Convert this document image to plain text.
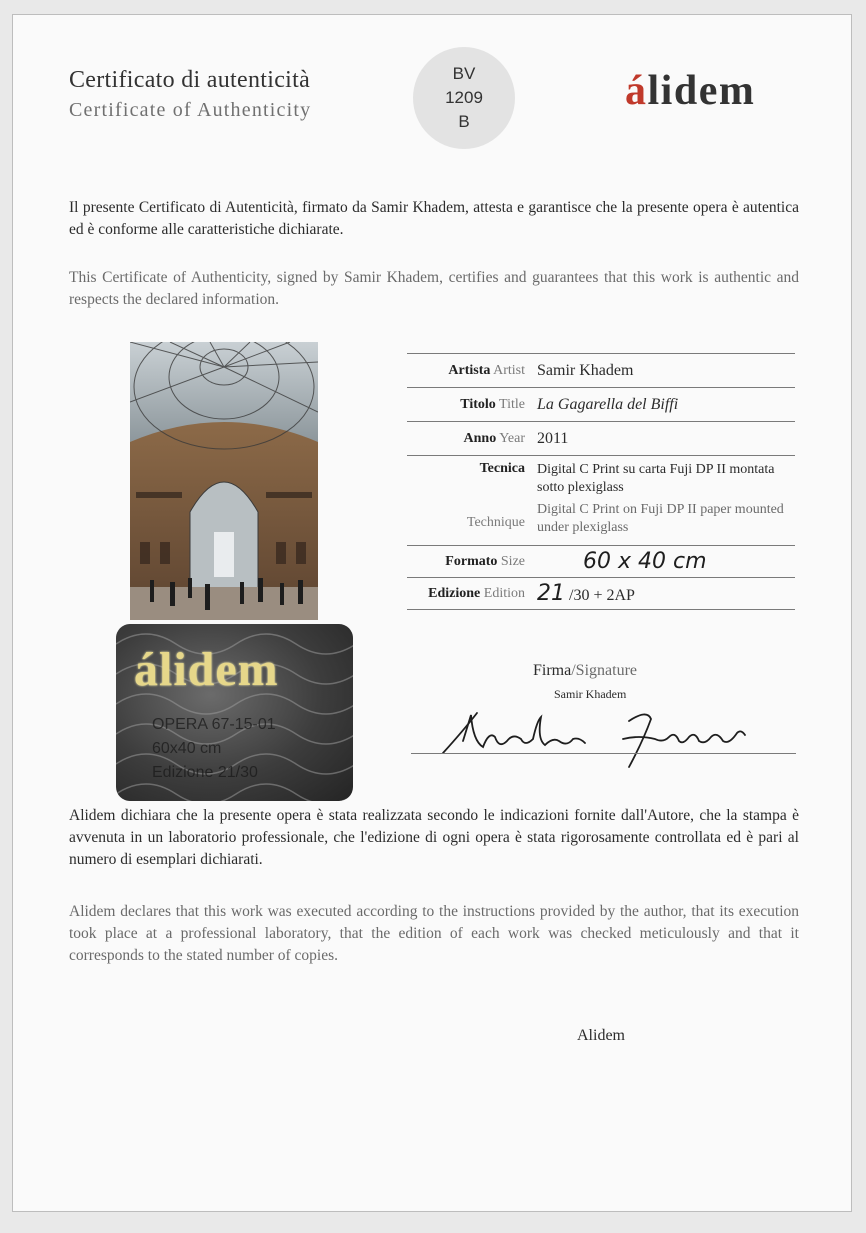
Certificato di autenticità
Certificate of Authenticity
BV
1209
B
álidem
Il presente Certificato di Autenticità, firmato da Samir Khadem, attesta e garantisce che la presente opera è autentica ed è conforme alle caratteristiche dichiarate.
This Certificate of Authenticity, signed by Samir Khadem, certifies and guarantees that this work is authentic and respects the declared information.
álidem
OPERA 67-15-01
60x40 cm
Edizione 21/30
Artista Artist Samir Khadem
Titolo Title La Gagarella del Biffi
Anno Year 2011
Tecnica
Technique
Digital C Print su carta Fuji DP II montata sotto plexiglass
Digital C Print on Fuji DP II paper mounted under plexiglass
Formato Size	60 x 40 cm
Edizione Edition 21 /30 + 2AP
Firma/Signature
Samir Khadem
Alidem dichiara che la presente opera è stata realizzata secondo le indicazioni fornite dall'Autore, che la stampa è avvenuta in un laboratorio professionale, che l'edizione di ogni opera è stata rigorosamente controllata ed è pari al numero di esemplari dichiarati.
Alidem declares that this work was executed according to the instructions provided by the author, that its execution took place at a professional laboratory, that the edition of each work was checked meticulously and that it corresponds to the stated number of copies.
Alidem
